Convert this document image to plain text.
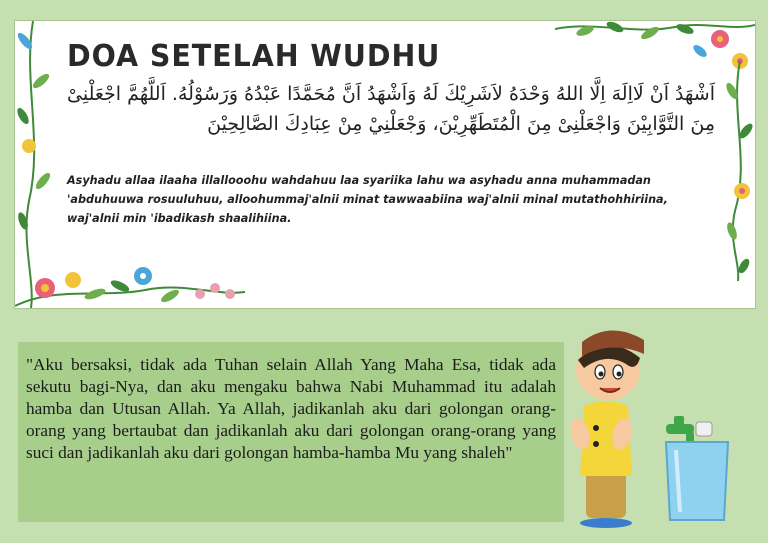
DOA SETELAH WUDHU
اَشْهَدُ اَنْ لَااِلَهَ اِلَّا اللهُ وَحْدَهُ لاَشَرِيْكَ لَهُ وَاَشْهَدُ اَنَّ مُحَمَّدًا عَبْدُهُ وَرَسُوْلُهُ. اَللَّهُمَّ اجْعَلْنِىْ مِنَ التَّوَّابِيْنَ وَاجْعَلْنِىْ مِنَ الْمُتَطَهِّرِيْنَ، وَجْعَلْنِيْ مِنْ عِبَادِكَ الصَّالِحِيْنَ
Asyhadu allaa ilaaha illallooohu wahdahuu laa syariika lahu wa asyhadu anna muhammadan 'abduhuuwa rosuuluhuu, alloohummaj'alnii minat tawwaabiina waj'alnii minal mutathohhiriina, waj'alnii min 'ibadikash shaalihiina.
"Aku bersaksi, tidak ada Tuhan selain Allah Yang Maha Esa, tidak ada sekutu bagi-Nya, dan aku mengaku bahwa Nabi Muhammad itu adalah hamba dan Utusan Allah. Ya Allah, jadikanlah aku dari golongan orang-orang yang bertaubat dan jadikanlah aku dari golongan orang-orang yang suci dan jadikanlah aku dari golongan hamba-hamba Mu yang shaleh"
